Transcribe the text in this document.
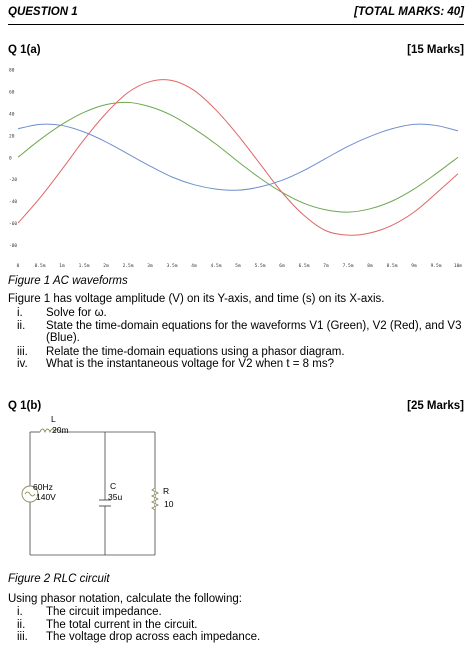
QUESTION 1	[TOTAL MARKS: 40]
Q 1(a)	[15 Marks]
80
60
40
20
0
-20
-40
-60
-80
0	0.5m	1m	1.5m	2m	2.5m	3m	3.5m	4m	4.5m	5m	5.5m	6m	6.5m	7m	7.5m	8m	8.5m	9m	9.5m	10m
Figure 1 AC waveforms
Figure 1 has voltage amplitude (V) on its Y-axis, and time (s) on its X-axis.
i.	Solve for ω.
ii.	State the time-domain equations for the waveforms V1 (Green), V2 (Red), and V3 (Blue).
iii.	Relate the time-domain equations using a phasor diagram.
iv.	What is the instantaneous voltage for V2 when t = 8 ms?
Q 1(b)	[25 Marks]
L
20m
60Hz
140V
C
35u
R
10
Figure 2 RLC circuit
Using phasor notation, calculate the following:
i.	The circuit impedance.
ii.	The total current in the circuit.
iii.	The voltage drop across each impedance.
